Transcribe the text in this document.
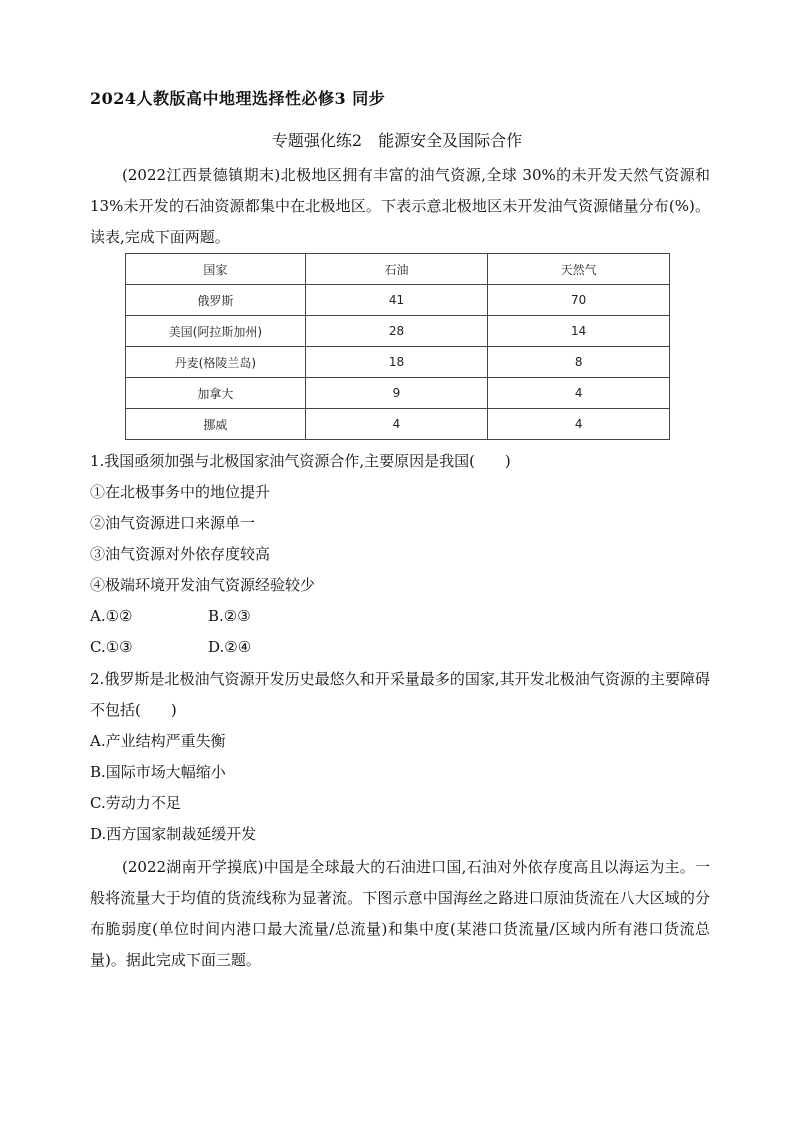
2024人教版高中地理选择性必修3 同步
专题强化练2　能源安全及国际合作
(2022江西景德镇期末)北极地区拥有丰富的油气资源,全球 30%的未开发天然气资源和 13%未开发的石油资源都集中在北极地区。下表示意北极地区未开发油气资源储量分布(%)。读表,完成下面两题。
国家	石油	天然气
俄罗斯	41	70
美国(阿拉斯加州)	28	14
丹麦(格陵兰岛)	18	8
加拿大	9	4
挪威	4	4
1.我国亟须加强与北极国家油气资源合作,主要原因是我国(　　)
①在北极事务中的地位提升
②油气资源进口来源单一
③油气资源对外依存度较高
④极端环境开发油气资源经验较少
A.①②	B.②③
C.①③	D.②④
2.俄罗斯是北极油气资源开发历史最悠久和开采量最多的国家,其开发北极油气资源的主要障碍不包括(　　)
A.产业结构严重失衡
B.国际市场大幅缩小
C.劳动力不足
D.西方国家制裁延缓开发
(2022湖南开学摸底)中国是全球最大的石油进口国,石油对外依存度高且以海运为主。一般将流量大于均值的货流线称为显著流。下图示意中国海丝之路进口原油货流在八大区域的分布脆弱度(单位时间内港口最大流量/总流量)和集中度(某港口货流量/区域内所有港口货流总量)。据此完成下面三题。
